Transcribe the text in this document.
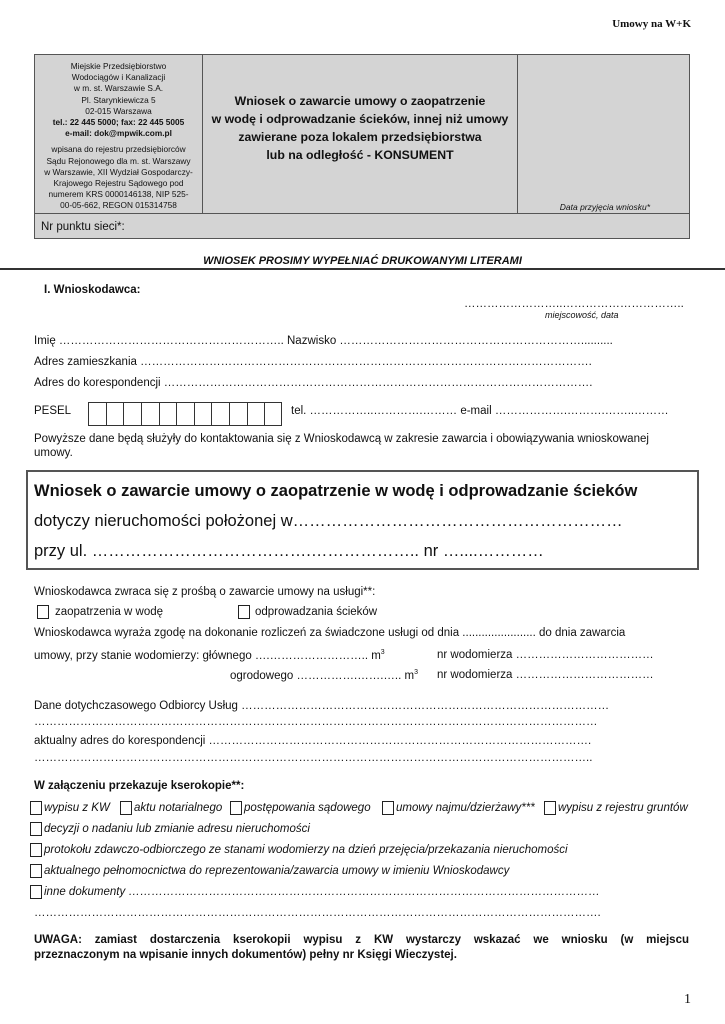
Umowy na W+K
Miejskie Przedsiębiorstwo
Wodociągów i Kanalizacji
w m. st. Warszawie S.A.
Pl. Starynkiewicza 5
02-015 Warszawa
tel.: 22 445 5000; fax: 22 445 5005
e-mail: dok@mpwik.com.pl
wpisana do rejestru przedsiębiorców
Sądu Rejonowego dla m. st. Warszawy
w Warszawie, XII Wydział Gospodarczy-
Krajowego Rejestru Sądowego pod
numerem KRS 0000146138, NIP 525-
00-05-662, REGON 015314758
Wniosek o zawarcie umowy o zaopatrzenie
w wodę i odprowadzanie ścieków, innej niż umowy
zawierane poza lokalem przedsiębiorstwa
lub na odległość - KONSUMENT
Data przyjęcia wniosku*
Nr punktu sieci*:
WNIOSEK PROSIMY WYPEŁNIAĆ DRUKOWANYMI LITERAMI
I. Wnioskodawca:
……………………..…………………………..
miejscowość, data
Imię ………………………………………………….. Nazwisko ………………………………………………………..........
Adres zamieszkania ……………………………………………………………………………………………………….
Adres do korespondencji ………………………………………………………………………………………………….
PESEL	tel. ……………..………….……… e-mail ……………….……….……..………
Powyższe dane będą służyły do kontaktowania się z Wnioskodawcą w zakresie zawarcia i obowiązywania wnioskowanej
umowy.
Wniosek o zawarcie umowy o zaopatrzenie w wodę i odprowadzanie ścieków
dotyczy nieruchomości położonej w……………………………………………………
przy ul. ………………………………….……………….. nr …....…………
Wnioskodawca zwraca się z prośbą o zawarcie umowy na usługi**:
zaopatrzenia w wodę	odprowadzania ścieków
Wnioskodawca wyraża zgodę na dokonanie rozliczeń za świadczone usługi od dnia ....................... do dnia zawarcia
umowy, przy stanie wodomierzy: głównego ….…………………….. $m^3$	nr wodomierza ………………………………
ogrodowego …………….…….….. $m^3$ nr wodomierza ………………………………
Dane dotychczasowego Odbiorcy Usług ……………………………………………………………………………………
…………………………………………………………………………………………………………………………………
aktualny adres do korespondencji ……………………………………………………………………………………….
………………………………………………………………………………………………………………………………..
W załączeniu przekazuje kserokopie**:
wypisu z KW aktu notarialnego postępowania sądowego umowy najmu/dzierżawy*** wypisu z rejestru gruntów
decyzji o nadaniu lub zmianie adresu nieruchomości
protokołu zdawczo-odbiorczego ze stanami wodomierzy na dzień przejęcia/przekazania nieruchomości
aktualnego pełnomocnictwa do reprezentowania/zawarcia umowy w imieniu Wnioskodawcy
inne dokumenty ……………………………………………………………………………………………………………
………………………………………………………………………………………………………………………………….
UWAGA: zamiast dostarczenia kserokopii wypisu z KW wystarczy wskazać we wniosku (w miejscu
przeznaczonym na wpisanie innych dokumentów) pełny nr Księgi Wieczystej.
1
